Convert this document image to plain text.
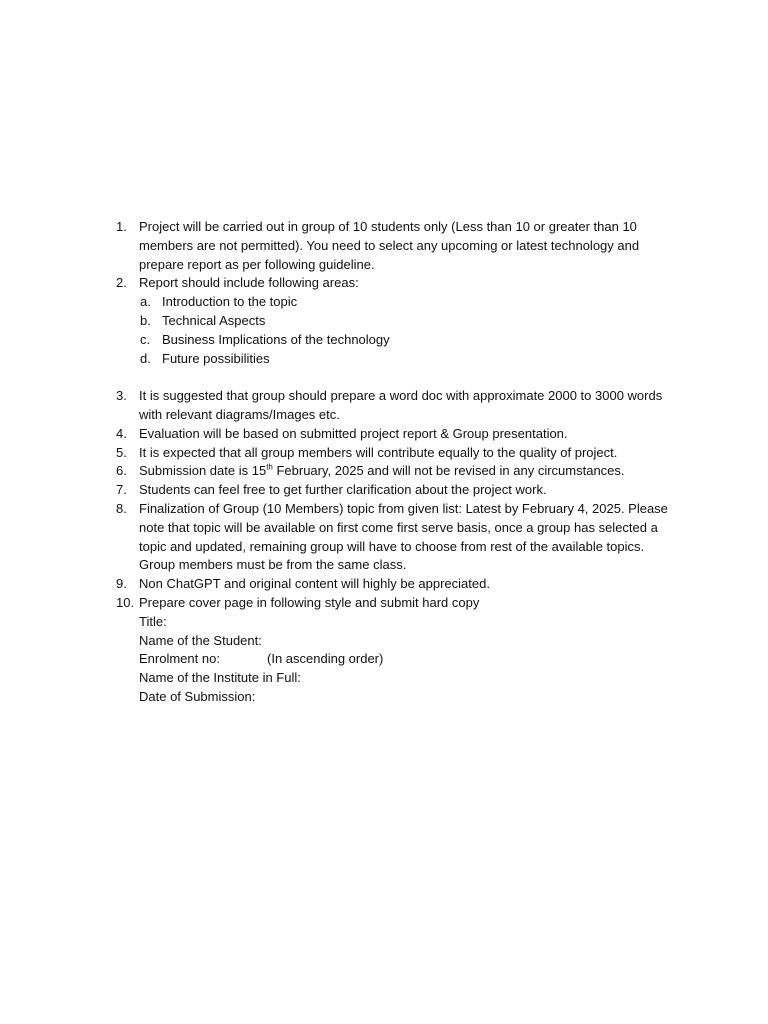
1. Project will be carried out in group of 10 students only (Less than 10 or greater than 10 members are not permitted). You need to select any upcoming or latest technology and prepare report as per following guideline.
2. Report should include following areas:
a. Introduction to the topic
b. Technical Aspects
c. Business Implications of the technology
d. Future possibilities
3. It is suggested that group should prepare a word doc with approximate 2000 to 3000 words with relevant diagrams/Images etc.
4. Evaluation will be based on submitted project report & Group presentation.
5. It is expected that all group members will contribute equally to the quality of project.
6. Submission date is 15th February, 2025 and will not be revised in any circumstances.
7. Students can feel free to get further clarification about the project work.
8. Finalization of Group (10 Members) topic from given list: Latest by February 4, 2025. Please note that topic will be available on first come first serve basis, once a group has selected a topic and updated, remaining group will have to choose from rest of the available topics. Group members must be from the same class.
9. Non ChatGPT and original content will highly be appreciated.
10. Prepare cover page in following style and submit hard copy
Title:
Name of the Student:
Enrolment no:	(In ascending order)
Name of the Institute in Full:
Date of Submission:
